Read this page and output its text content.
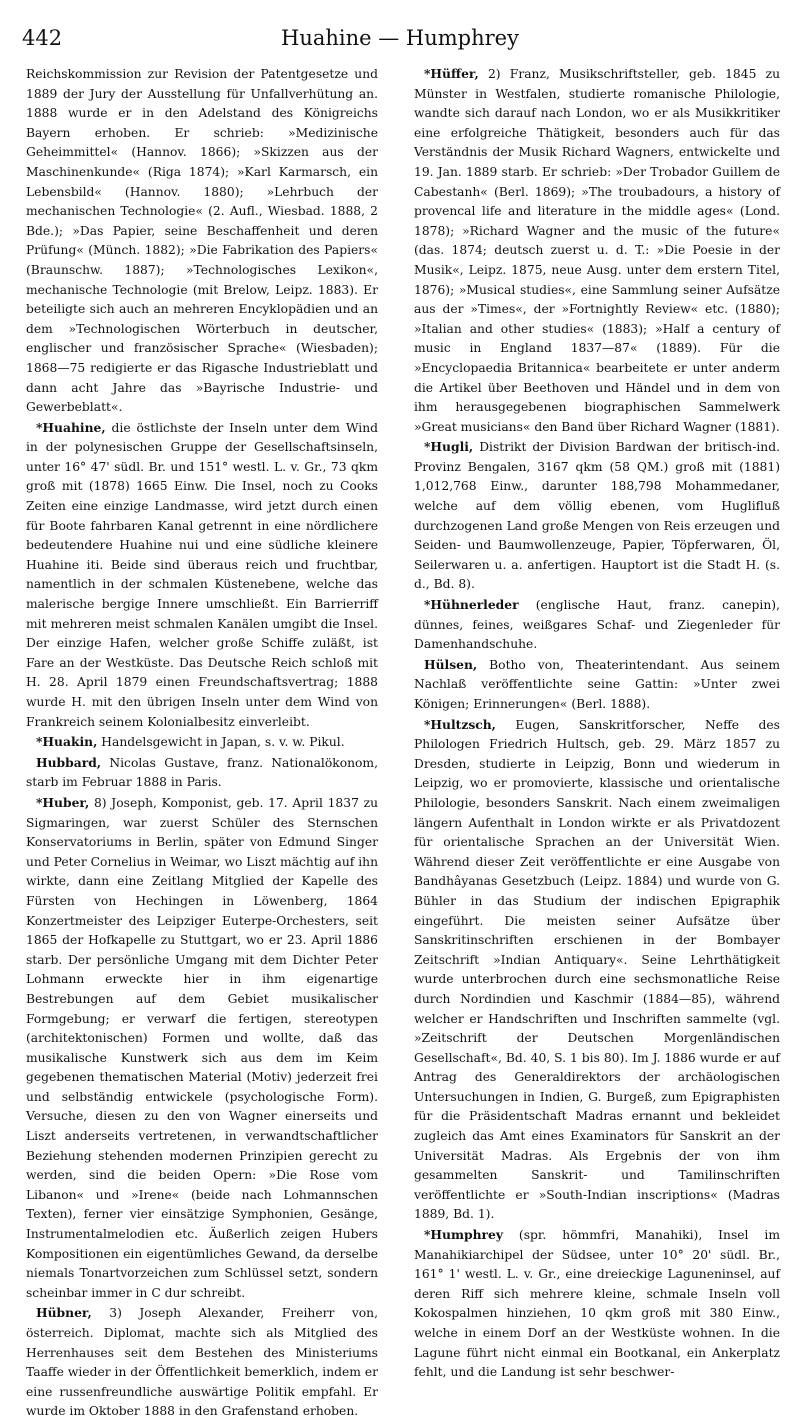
442	Huahine — Humphrey

Reichskommission zur Revision der Patentgesetze und 1889 der Jury der Ausstellung für Unfallverhütung an. 1888 wurde er in den Adelstand des Königreichs Bayern erhoben. Er schrieb: »Medizinische Geheimmittel« (Hannov. 1866); »Skizzen aus der Maschinenkunde« (Riga 1874); »Karl Karmarsch, ein Lebensbild« (Hannov. 1880); »Lehrbuch der mechanischen Technologie« (2. Aufl., Wiesbad. 1888, 2 Bde.); »Das Papier, seine Beschaffenheit und deren Prüfung« (Münch. 1882); »Die Fabrikation des Papiers« (Braunschw. 1887); »Technologisches Lexikon«, mechanische Technologie (mit Brelow, Leipz. 1883). Er beteiligte sich auch an mehreren Encyklopädien und an dem »Technologischen Wörterbuch in deutscher, englischer und französischer Sprache« (Wiesbaden); 1868—75 redigierte er das Rigasche Industrieblatt und dann acht Jahre das »Bayrische Industrie- und Gewerbeblatt«.

*Huahine, die östlichste der Inseln unter dem Wind in der polynesischen Gruppe der Gesellschaftsinseln, unter 16° 47' südl. Br. und 151° westl. L. v. Gr., 73 qkm groß mit (1878) 1665 Einw. Die Insel, noch zu Cooks Zeiten eine einzige Landmasse, wird jetzt durch einen für Boote fahrbaren Kanal getrennt in eine nördlichere bedeutendere Huahine nui und eine südliche kleinere Huahine iti. Beide sind überaus reich und fruchtbar, namentlich in der schmalen Küstenebene, welche das malerische bergige Innere umschließt. Ein Barrierriff mit mehreren meist schmalen Kanälen umgibt die Insel. Der einzige Hafen, welcher große Schiffe zuläßt, ist Fare an der Westküste. Das Deutsche Reich schloß mit H. 28. April 1879 einen Freundschaftsvertrag; 1888 wurde H. mit den übrigen Inseln unter dem Wind von Frankreich seinem Kolonialbesitz einverleibt.

*Huakin, Handelsgewicht in Japan, s. v. w. Pikul.

Hubbard, Nicolas Gustave, franz. Nationalökonom, starb im Februar 1888 in Paris.

*Huber, 8) Joseph, Komponist, geb. 17. April 1837 zu Sigmaringen, war zuerst Schüler des Sternschen Konservatoriums in Berlin, später von Edmund Singer und Peter Cornelius in Weimar, wo Liszt mächtig auf ihn wirkte, dann eine Zeitlang Mitglied der Kapelle des Fürsten von Hechingen in Löwenberg, 1864 Konzertmeister des Leipziger Euterpe-Orchesters, seit 1865 der Hofkapelle zu Stuttgart, wo er 23. April 1886 starb. Der persönliche Umgang mit dem Dichter Peter Lohmann erweckte hier in ihm eigenartige Bestrebungen auf dem Gebiet musikalischer Formgebung; er verwarf die fertigen, stereotypen (architektonischen) Formen und wollte, daß das musikalische Kunstwerk sich aus dem im Keim gegebenen thematischen Material (Motiv) jederzeit frei und selbständig entwickele (psychologische Form). Versuche, diesen zu den von Wagner einerseits und Liszt anderseits vertretenen, in verwandtschaftlicher Beziehung stehenden modernen Prinzipien gerecht zu werden, sind die beiden Opern: »Die Rose vom Libanon« und »Irene« (beide nach Lohmannschen Texten), ferner vier einsätzige Symphonien, Gesänge, Instrumentalmelodien etc. Äußerlich zeigen Hubers Kompositionen ein eigentümliches Gewand, da derselbe niemals Tonartvorzeichen zum Schlüssel setzt, sondern scheinbar immer in C dur schreibt.

Hübner, 3) Joseph Alexander, Freiherr von, österreich. Diplomat, machte sich als Mitglied des Herrenhauses seit dem Bestehen des Ministeriums Taaffe wieder in der Öffentlichkeit bemerklich, indem er eine russenfreundliche auswärtige Politik empfahl. Er wurde im Oktober 1888 in den Grafenstand erhoben.

*Hüffer, 2) Franz, Musikschriftsteller, geb. 1845 zu Münster in Westfalen, studierte romanische Philologie, wandte sich darauf nach London, wo er als Musikkritiker eine erfolgreiche Thätigkeit, besonders auch für das Verständnis der Musik Richard Wagners, entwickelte und 19. Jan. 1889 starb. Er schrieb: »Der Trobador Guillem de Cabestanh« (Berl. 1869); »The troubadours, a history of provencal life and literature in the middle ages« (Lond. 1878); »Richard Wagner and the music of the future« (das. 1874; deutsch zuerst u. d. T.: »Die Poesie in der Musik«, Leipz. 1875, neue Ausg. unter dem erstern Titel, 1876); »Musical studies«, eine Sammlung seiner Aufsätze aus der »Times«, der »Fortnightly Review« etc. (1880); »Italian and other studies« (1883); »Half a century of music in England 1837—87« (1889). Für die »Encyclopaedia Britannica« bearbeitete er unter anderm die Artikel über Beethoven und Händel und in dem von ihm herausgegebenen biographischen Sammelwerk »Great musicians« den Band über Richard Wagner (1881).

*Hugli, Distrikt der Division Bardwan der britisch-ind. Provinz Bengalen, 3167 qkm (58 QM.) groß mit (1881) 1,012,768 Einw., darunter 188,798 Mohammedaner, welche auf dem völlig ebenen, vom Huglifluß durchzogenen Land große Mengen von Reis erzeugen und Seiden- und Baumwollenzeuge, Papier, Töpferwaren, Öl, Seilerwaren u. a. anfertigen. Hauptort ist die Stadt H. (s. d., Bd. 8).

*Hühnerleder (englische Haut, franz. canepin), dünnes, feines, weißgares Schaf- und Ziegenleder für Damenhandschuhe.

Hülsen, Botho von, Theaterintendant. Aus seinem Nachlaß veröffentlichte seine Gattin: »Unter zwei Königen; Erinnerungen« (Berl. 1888).

*Hultzsch, Eugen, Sanskritforscher, Neffe des Philologen Friedrich Hultsch, geb. 29. März 1857 zu Dresden, studierte in Leipzig, Bonn und wiederum in Leipzig, wo er promovierte, klassische und orientalische Philologie, besonders Sanskrit. Nach einem zweimaligen längern Aufenthalt in London wirkte er als Privatdozent für orientalische Sprachen an der Universität Wien. Während dieser Zeit veröffentlichte er eine Ausgabe von Bandhâyanas Gesetzbuch (Leipz. 1884) und wurde von G. Bühler in das Studium der indischen Epigraphik eingeführt. Die meisten seiner Aufsätze über Sanskritinschriften erschienen in der Bombayer Zeitschrift »Indian Antiquary«. Seine Lehrthätigkeit wurde unterbrochen durch eine sechsmonatliche Reise durch Nordindien und Kaschmir (1884—85), während welcher er Handschriften und Inschriften sammelte (vgl. »Zeitschrift der Deutschen Morgenländischen Gesellschaft«, Bd. 40, S. 1 bis 80). Im J. 1886 wurde er auf Antrag des Generaldirektors der archäologischen Untersuchungen in Indien, G. Burgeß, zum Epigraphisten für die Präsidentschaft Madras ernannt und bekleidet zugleich das Amt eines Examinators für Sanskrit an der Universität Madras. Als Ergebnis der von ihm gesammelten Sanskrit- und Tamilinschriften veröffentlichte er »South-Indian inscriptions« (Madras 1889, Bd. 1).

*Humphrey (spr. hömmfri, Manahiki), Insel im Manahikiarchipel der Südsee, unter 10° 20' südl. Br., 161° 1' westl. L. v. Gr., eine dreieckige Laguneninsel, auf deren Riff sich mehrere kleine, schmale Inseln voll Kokospalmen hinziehen, 10 qkm groß mit 380 Einw., welche in einem Dorf an der Westküste wohnen. In die Lagune führt nicht einmal ein Bootkanal, ein Ankerplatz fehlt, und die Landung ist sehr beschwer-
